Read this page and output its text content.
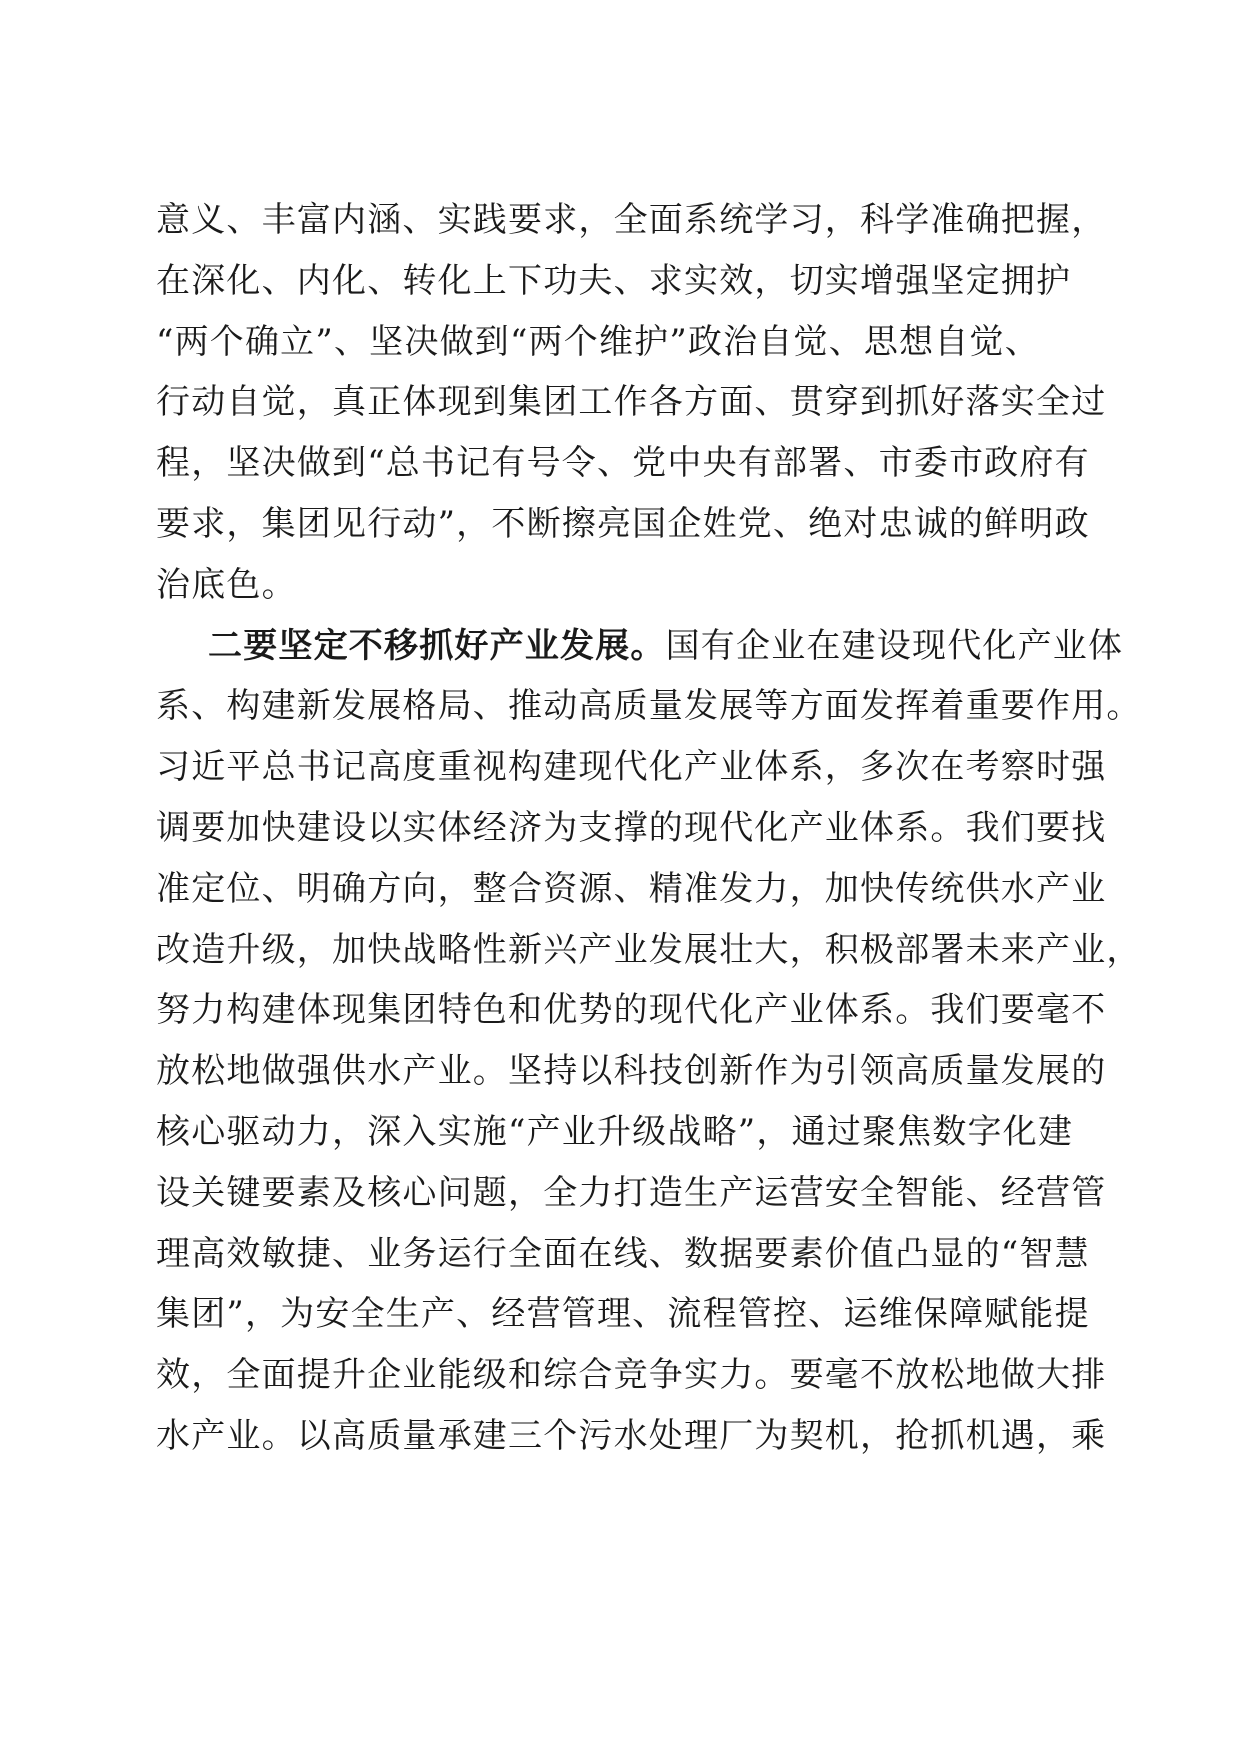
意义、丰富内涵、实践要求，全面系统学习，科学准确把握，
在深化、内化、转化上下功夫、求实效，切实增强坚定拥护
“两个确立”、坚决做到“两个维护”政治自觉、思想自觉、
行动自觉，真正体现到集团工作各方面、贯穿到抓好落实全过
程，坚决做到“总书记有号令、党中央有部署、市委市政府有
要求，集团见行动”，不断擦亮国企姓党、绝对忠诚的鲜明政
治底色。
二要坚定不移抓好产业发展。国有企业在建设现代化产业体
系、构建新发展格局、推动高质量发展等方面发挥着重要作用。
习近平总书记高度重视构建现代化产业体系，多次在考察时强
调要加快建设以实体经济为支撑的现代化产业体系。我们要找
准定位、明确方向，整合资源、精准发力，加快传统供水产业
改造升级，加快战略性新兴产业发展壮大，积极部署未来产业，
努力构建体现集团特色和优势的现代化产业体系。我们要毫不
放松地做强供水产业。坚持以科技创新作为引领高质量发展的
核心驱动力，深入实施“产业升级战略”，通过聚焦数字化建
设关键要素及核心问题，全力打造生产运营安全智能、经营管
理高效敏捷、业务运行全面在线、数据要素价值凸显的“智慧
集团”，为安全生产、经营管理、流程管控、运维保障赋能提
效，全面提升企业能级和综合竞争实力。要毫不放松地做大排
水产业。以高质量承建三个污水处理厂为契机，抢抓机遇，乘
